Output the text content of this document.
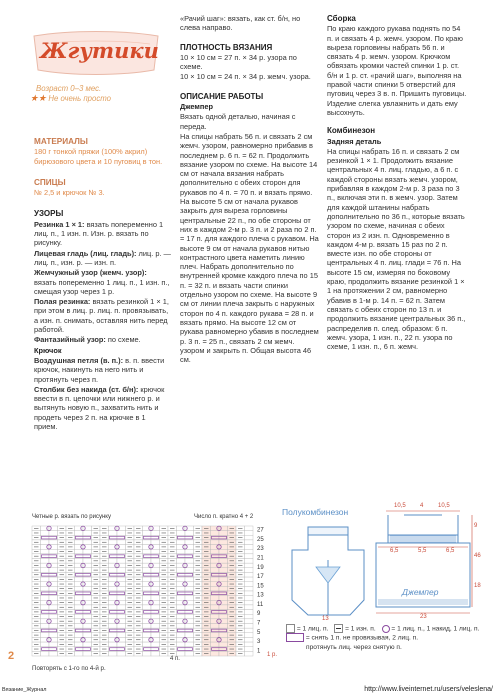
Жгутики
Возраст 0–3 мес.
★★ Не очень просто

МАТЕРИАЛЫ

180 г тонкой пряжи (100% акрил) бирюзового цвета и 10 пуговиц в тон.

СПИЦЫ

№ 2,5 и крючок № 3.

УЗОРЫ

Резинка 1 × 1: вязать попеременно 1 лиц. п., 1 изн. п. Изн. р. вязать по рисунку.

Лицевая гладь (лиц. гладь): лиц. р. — лиц. п., изн. р. — изн. п.

Жемчужный узор (жемч. узор): вязать попеременно 1 лиц. п., 1 изн. п., смещая узор через 1 р.

Полая резинка: вязать резинкой 1 × 1, при этом в лиц. р. лиц. п. провязывать, а изн. п. снимать, оставляя нить перед работой.

Фантазийный узор: по схеме.

Крючок

Воздушная петля (в. п.): в. п. ввести крючок, накинуть на него нить и протянуть через п.

Столбик без накида (ст. б/н): крючок ввести в п. цепочки или нижнего р. и вытянуть новую п., захватить нить и продеть через 2 п. на крючке в 1 прием.

«Рачий шаг»: вязать, как ст. б/н, но слева направо.

ПЛОТНОСТЬ ВЯЗАНИЯ

10 × 10 см = 27 п. × 34 р. узора по схеме.

10 × 10 см = 24 п. × 34 р. жемч. узора.

ОПИСАНИЕ РАБОТЫ

Джемпер

Вязать одной деталью, начиная с переда.

На спицы набрать 56 п. и связать 2 см жемч. узором, равномерно прибавив в последнем р. 6 п. = 62 п. Продолжить вязание узором по схеме. На высоте 14 см от начала вязания набрать дополнительно с обеих сторон для рукавов по 4 п. = 70 п. и вязать прямо. На высоте 5 см от начала рукавов закрыть для выреза горловины центральные 22 п., по обе стороны от них в каждом 2-м р. 3 п. и 2 раза по 2 п. = 17 п. для каждого плеча с рукавом. На высоте 9 см от начала рукавов нитью контрастного цвета наметить линию плеч. Набрать дополнительно по внутренней кромке каждого плеча по 15 п. = 32 п. и вязать части спинки отдельно узором по схеме. На высоте 9 см от линии плеча закрыть с наружных сторон по 4 п. каждого рукава = 28 п. и вязать прямо. На высоте 12 см от рукава равномерно убавив в последнем р. 3 п. = 25 п., связать 2 см жемч. узором и закрыть п. Общая высота 46 см.

Сборка

По краю каждого рукава поднять по 54 п. и связать 4 р. жемч. узором. По краю выреза горловины набрать 56 п. и связать 4 р. жемч. узором. Крючком обвязать кромки частей спинки 1 р. ст. б/н и 1 р. ст. «рачий шаг», выполняя на правой части спинки 5 отверстий для пуговиц через 3 в. п. Пришить пуговицы. Изделие слегка увлажнить и дать ему высохнуть.

Комбинезон

Задняя деталь

На спицы набрать 16 п. и связать 2 см резинкой 1 × 1. Продолжить вязание центральных 4 п. лиц. гладью, а 6 п. с каждой стороны вязать жемч. узором, прибавляя в каждом 2-м р. 3 раза по 3 п., включая эти п. в жемч. узор. Затем для каждой штанины набрать дополнительно по 36 п., которые вязать узором по схеме, начиная с обеих сторон из 2 изн. п. Одновременно в каждом 4-м р. вязать 15 раз по 2 п. вместе изн. по обе стороны от центральных 4 п. лиц. глади = 76 п. На высоте 15 см, измеряя по боковому краю, продолжить вязание резинкой 1 × 1 на протяжении 2 см, равномерно убавив в 1-м р. 14 п. = 62 п. Затем связать с обеих сторон по 13 п. и продолжить вязание центральных 36 п., распределив п. след. образом: 6 п. жемч. узора, 1 изн. п., 22 п. узора по схеме, 1 изн. п., 6 п. жемч.

Четные р. вязать по рисунку	Число п. кратно 4 + 2
27
25
23
21
19
17
15
13
11
9
7
5
3
1
1 р.
4 п.
Повторять с 1-го по 4-й р.
Полукомбинезон
Джемпер
10,5 4 10,5
6,5	5,5	6,5
23
46
9
18
13
= 1 лиц. п.	= 1 изн. п. = 1 лиц. п., 1 накид, 1 лиц. п.
= снять 1 п. не провязывая, 2 лиц. п.
протянуть лиц. через снятую п.
2
Вязание_Журнал	http://www.liveinternet.ru/users/veleslena/
